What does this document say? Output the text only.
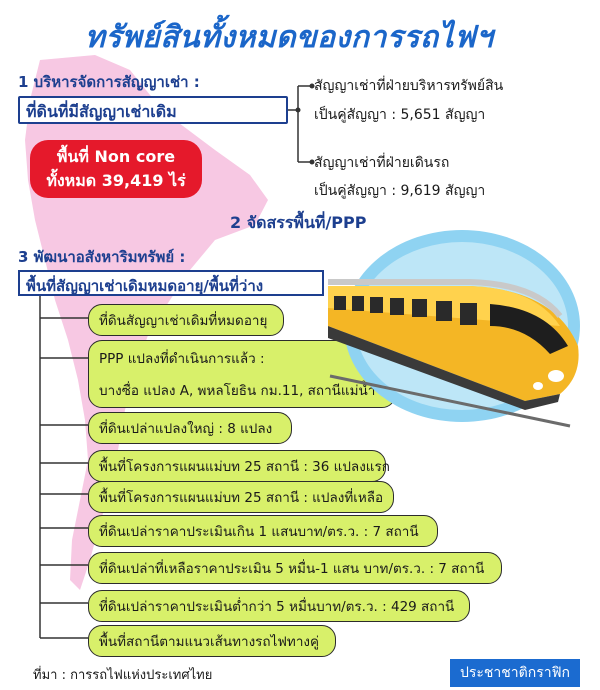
ทรัพย์สินทั้งหมดของการรถไฟฯ
1 บริหารจัดการสัญญาเช่า :
ที่ดินที่มีสัญญาเช่าเดิม
สัญญาเช่าที่ฝ่ายบริหารทรัพย์สิน
เป็นคู่สัญญา : 5,651 สัญญา
สัญญาเช่าที่ฝ่ายเดินรถ
เป็นคู่สัญญา : 9,619 สัญญา
พื้นที่ Non core
ทั้งหมด 39,419 ไร่
2 จัดสรรพื้นที่/PPP
3 พัฒนาอสังหาริมทรัพย์ :
พื้นที่สัญญาเช่าเดิมหมดอายุ/พื้นที่ว่าง
ที่ดินสัญญาเช่าเดิมที่หมดอายุ
PPP แปลงที่ดำเนินการแล้ว :
บางซื่อ แปลง A, พหลโยธิน กม.11, สถานีแม่น้ำ
ที่ดินเปล่าแปลงใหญ่ : 8 แปลง
พื้นที่โครงการแผนแม่บท 25 สถานี : 36 แปลงแรก
พื้นที่โครงการแผนแม่บท 25 สถานี : แปลงที่เหลือ
ที่ดินเปล่าราคาประเมินเกิน 1 แสนบาท/ตร.ว. : 7 สถานี
ที่ดินเปล่าที่เหลือราคาประเมิน 5 หมื่น-1 แสน บาท/ตร.ว. : 7 สถานี
ที่ดินเปล่าราคาประเมินต่ำกว่า 5 หมื่นบาท/ตร.ว. : 429 สถานี
พื้นที่สถานีตามแนวเส้นทางรถไฟทางคู่
ที่มา : การรถไฟแห่งประเทศไทย	ประชาชาติกราฟิก
